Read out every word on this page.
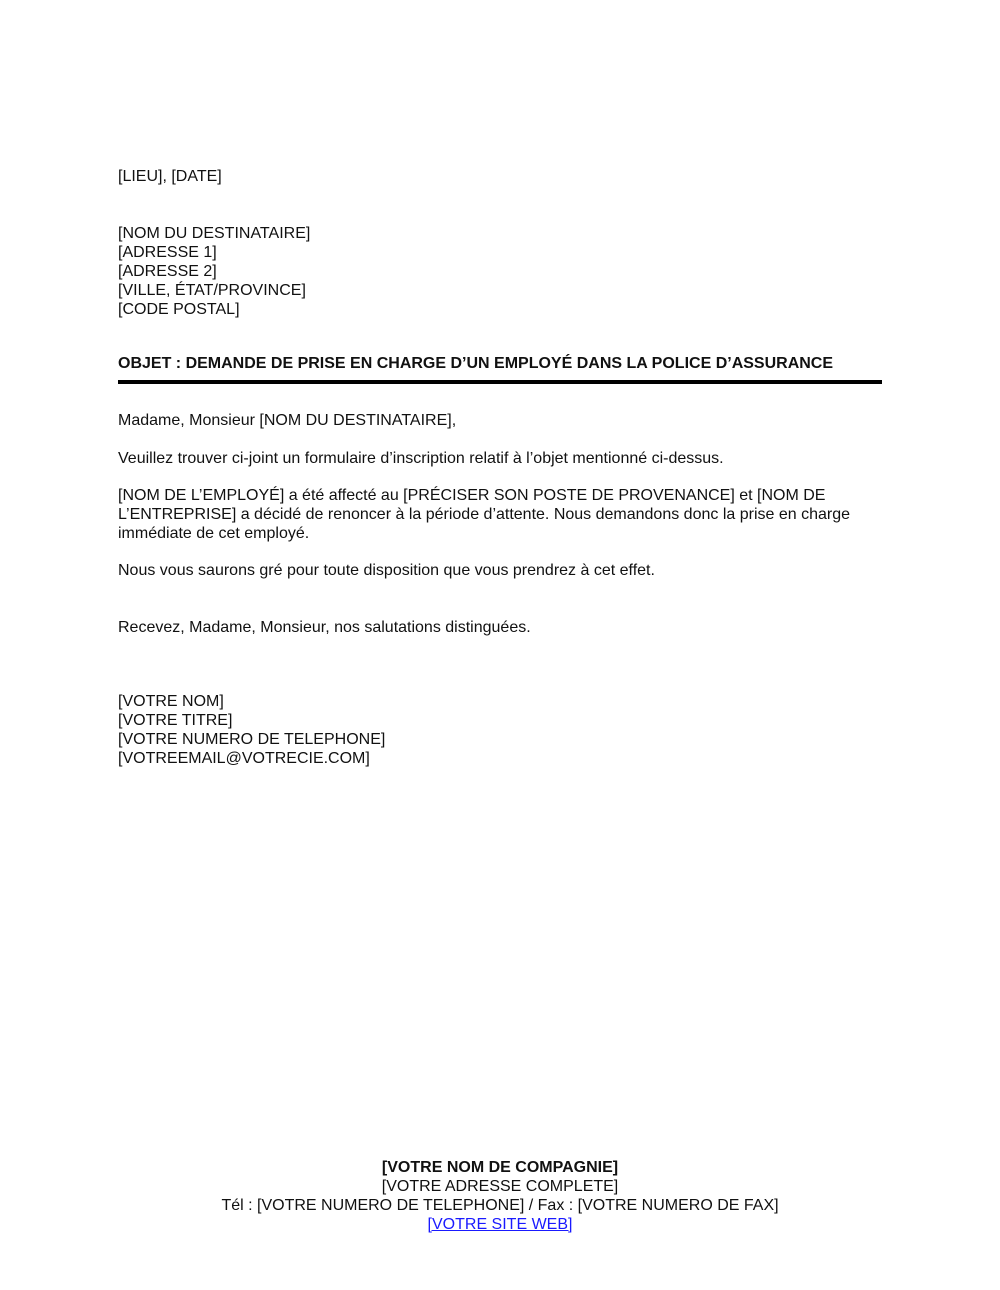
[LIEU], [DATE]
[NOM DU DESTINATAIRE]
[ADRESSE 1]
[ADRESSE 2]
[VILLE, ÉTAT/PROVINCE]
[CODE POSTAL]
OBJET : DEMANDE DE PRISE EN CHARGE D’UN EMPLOYÉ DANS LA POLICE D’ASSURANCE
Madame, Monsieur [NOM DU DESTINATAIRE],
Veuillez trouver ci-joint un formulaire d’inscription relatif à l’objet mentionné ci-dessus.
[NOM DE L’EMPLOYÉ] a été affecté au [PRÉCISER SON POSTE DE PROVENANCE] et [NOM DE L’ENTREPRISE] a décidé de renoncer à la période d’attente. Nous demandons donc la prise en charge immédiate de cet employé.
Nous vous saurons gré pour toute disposition que vous prendrez à cet effet.
Recevez, Madame, Monsieur, nos salutations distinguées.
[VOTRE NOM]
[VOTRE TITRE]
[VOTRE NUMERO DE TELEPHONE]
[VOTREEMAIL@VOTRECIE.COM]
[VOTRE NOM DE COMPAGNIE]
[VOTRE ADRESSE COMPLETE]
Tél : [VOTRE NUMERO DE TELEPHONE] / Fax : [VOTRE NUMERO DE FAX]
[VOTRE SITE WEB]
